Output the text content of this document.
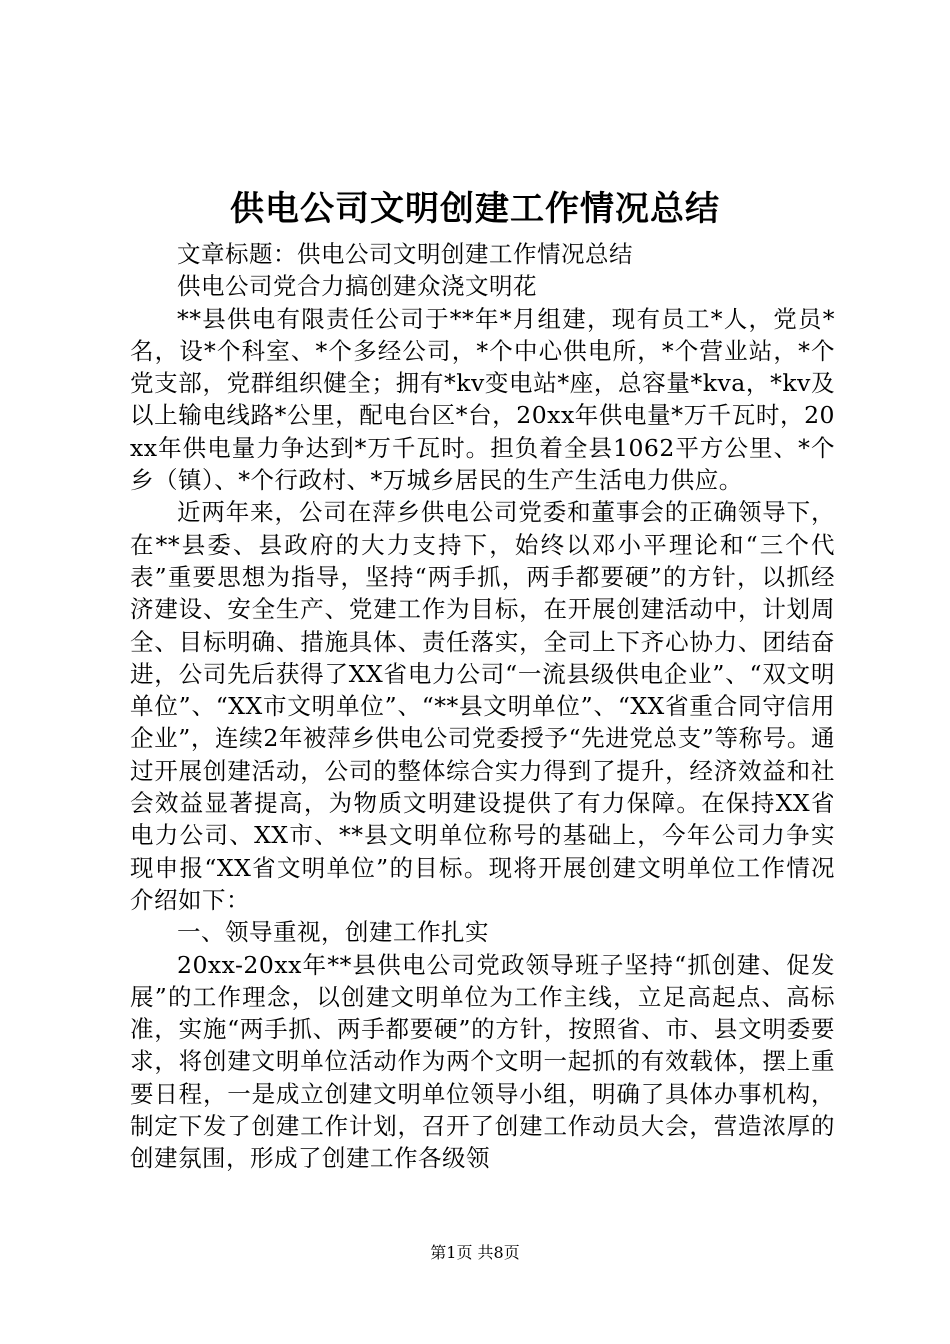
供电公司文明创建工作情况总结

文章标题：供电公司文明创建工作情况总结

供电公司党合力搞创建众浇文明花

**县供电有限责任公司于**年*月组建，现有员工*人，党员*名，设*个科室、*个多经公司，*个中心供电所，*个营业站，*个党支部，党群组织健全；拥有*kv变电站*座，总容量*kva，*kv及以上输电线路*公里，配电台区*台，20xx年供电量*万千瓦时，20xx年供电量力争达到*万千瓦时。担负着全县1062平方公里、*个乡（镇）、*个行政村、*万城乡居民的生产生活电力供应。

近两年来，公司在萍乡供电公司党委和董事会的正确领导下，在**县委、县政府的大力支持下，始终以邓小平理论和“三个代表”重要思想为指导，坚持“两手抓，两手都要硬”的方针，以抓经济建设、安全生产、党建工作为目标，在开展创建活动中，计划周全、目标明确、措施具体、责任落实，全司上下齐心协力、团结奋进，公司先后获得了XX省电力公司“一流县级供电企业”、“双文明单位”、“XX市文明单位”、“**县文明单位”、“XX省重合同守信用企业”，连续2年被萍乡供电公司党委授予“先进党总支”等称号。通过开展创建活动，公司的整体综合实力得到了提升，经济效益和社会效益显著提高，为物质文明建设提供了有力保障。在保持XX省电力公司、XX市、**县文明单位称号的基础上，今年公司力争实现申报“XX省文明单位”的目标。现将开展创建文明单位工作情况介绍如下：

一、领导重视，创建工作扎实

20xx-20xx年**县供电公司党政领导班子坚持“抓创建、促发展”的工作理念，以创建文明单位为工作主线，立足高起点、高标准，实施“两手抓、两手都要硬”的方针，按照省、市、县文明委要求，将创建文明单位活动作为两个文明一起抓的有效载体，摆上重要日程，一是成立创建文明单位领导小组，明确了具体办事机构，制定下发了创建工作计划，召开了创建工作动员大会，营造浓厚的创建氛围，形成了创建工作各级领

第1页 共8页
